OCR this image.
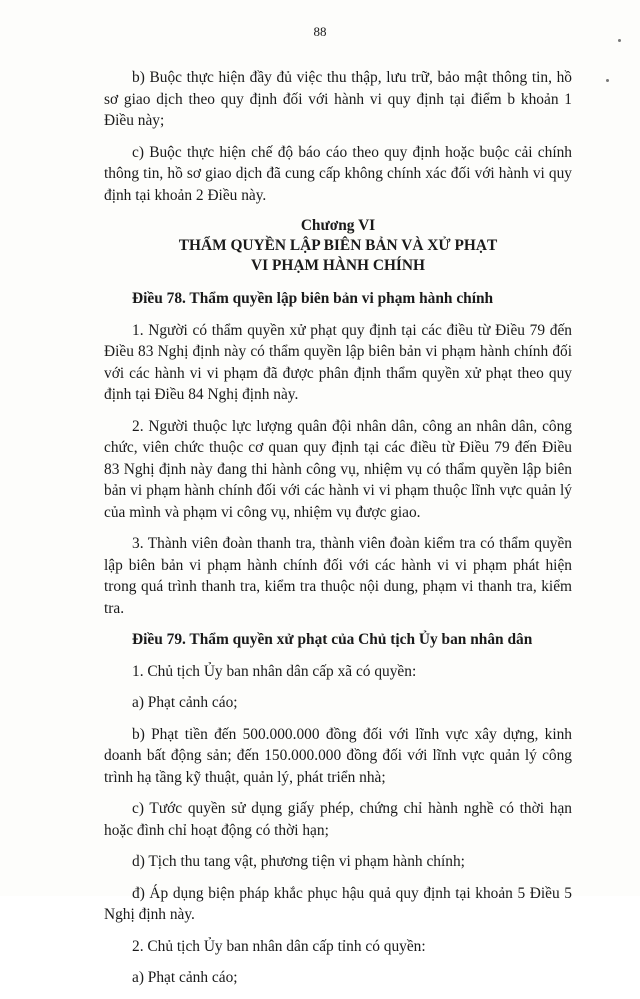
88

b) Buộc thực hiện đầy đủ việc thu thập, lưu trữ, bảo mật thông tin, hồ sơ giao dịch theo quy định đối với hành vi quy định tại điểm b khoản 1 Điều này;

c) Buộc thực hiện chế độ báo cáo theo quy định hoặc buộc cải chính thông tin, hồ sơ giao dịch đã cung cấp không chính xác đối với hành vi quy định tại khoản 2 Điều này.

Chương VI
THẨM QUYỀN LẬP BIÊN BẢN VÀ XỬ PHẠT
VI PHẠM HÀNH CHÍNH

Điều 78. Thẩm quyền lập biên bản vi phạm hành chính

1. Người có thẩm quyền xử phạt quy định tại các điều từ Điều 79 đến Điều 83 Nghị định này có thẩm quyền lập biên bản vi phạm hành chính đối với các hành vi vi phạm đã được phân định thẩm quyền xử phạt theo quy định tại Điều 84 Nghị định này.

2. Người thuộc lực lượng quân đội nhân dân, công an nhân dân, công chức, viên chức thuộc cơ quan quy định tại các điều từ Điều 79 đến Điều 83 Nghị định này đang thi hành công vụ, nhiệm vụ có thẩm quyền lập biên bản vi phạm hành chính đối với các hành vi vi phạm thuộc lĩnh vực quản lý của mình và phạm vi công vụ, nhiệm vụ được giao.

3. Thành viên đoàn thanh tra, thành viên đoàn kiểm tra có thẩm quyền lập biên bản vi phạm hành chính đối với các hành vi vi phạm phát hiện trong quá trình thanh tra, kiểm tra thuộc nội dung, phạm vi thanh tra, kiểm tra.

Điều 79. Thẩm quyền xử phạt của Chủ tịch Ủy ban nhân dân

1. Chủ tịch Ủy ban nhân dân cấp xã có quyền:

a) Phạt cảnh cáo;

b) Phạt tiền đến 500.000.000 đồng đối với lĩnh vực xây dựng, kinh doanh bất động sản; đến 150.000.000 đồng đối với lĩnh vực quản lý công trình hạ tầng kỹ thuật, quản lý, phát triển nhà;

c) Tước quyền sử dụng giấy phép, chứng chỉ hành nghề có thời hạn hoặc đình chỉ hoạt động có thời hạn;

d) Tịch thu tang vật, phương tiện vi phạm hành chính;

đ) Áp dụng biện pháp khắc phục hậu quả quy định tại khoản 5 Điều 5 Nghị định này.

2. Chủ tịch Ủy ban nhân dân cấp tỉnh có quyền:

a) Phạt cảnh cáo;
